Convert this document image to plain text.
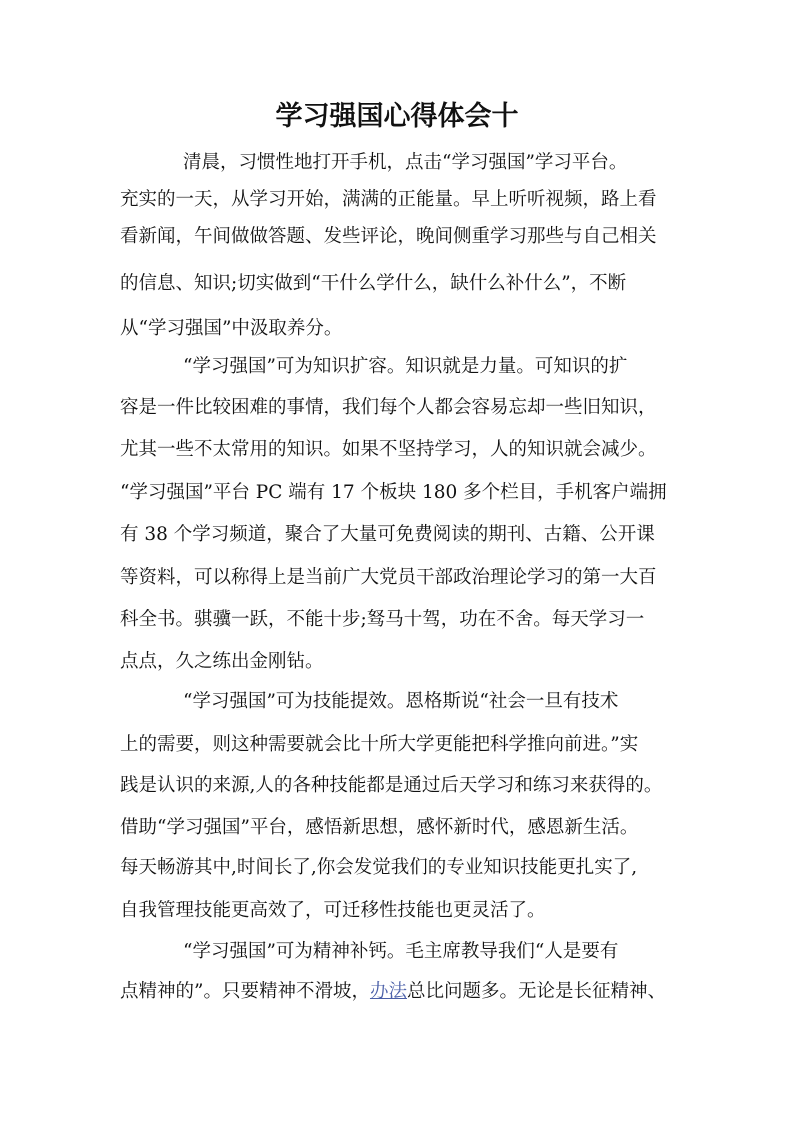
学习强国心得体会十

清晨，习惯性地打开手机，点击“学习强国”学习平台。

充实的一天，从学习开始，满满的正能量。早上听听视频，路上看

看新闻，午间做做答题、发些评论，晚间侧重学习那些与自己相关

的信息、知识;切实做到“干什么学什么，缺什么补什么”，不断

从“学习强国”中汲取养分。

“学习强国”可为知识扩容。知识就是力量。可知识的扩

容是一件比较困难的事情，我们每个人都会容易忘却一些旧知识，

尤其一些不太常用的知识。如果不坚持学习，人的知识就会减少。

“学习强国”平台 PC 端有 17 个板块 180 多个栏目，手机客户端拥

有 38 个学习频道，聚合了大量可免费阅读的期刊、古籍、公开课

等资料，可以称得上是当前广大党员干部政治理论学习的第一大百

科全书。骐骥一跃，不能十步;驽马十驾，功在不舍。每天学习一

点点，久之练出金刚钻。

“学习强国”可为技能提效。恩格斯说“社会一旦有技术

上的需要，则这种需要就会比十所大学更能把科学推向前进。”实

践是认识的来源,人的各种技能都是通过后天学习和练习来获得的。

借助“学习强国”平台，感悟新思想，感怀新时代，感恩新生活。

每天畅游其中,时间长了,你会发觉我们的专业知识技能更扎实了,

自我管理技能更高效了，可迁移性技能也更灵活了。

“学习强国”可为精神补钙。毛主席教导我们“人是要有

点精神的”。只要精神不滑坡，办法总比问题多。无论是长征精神、
